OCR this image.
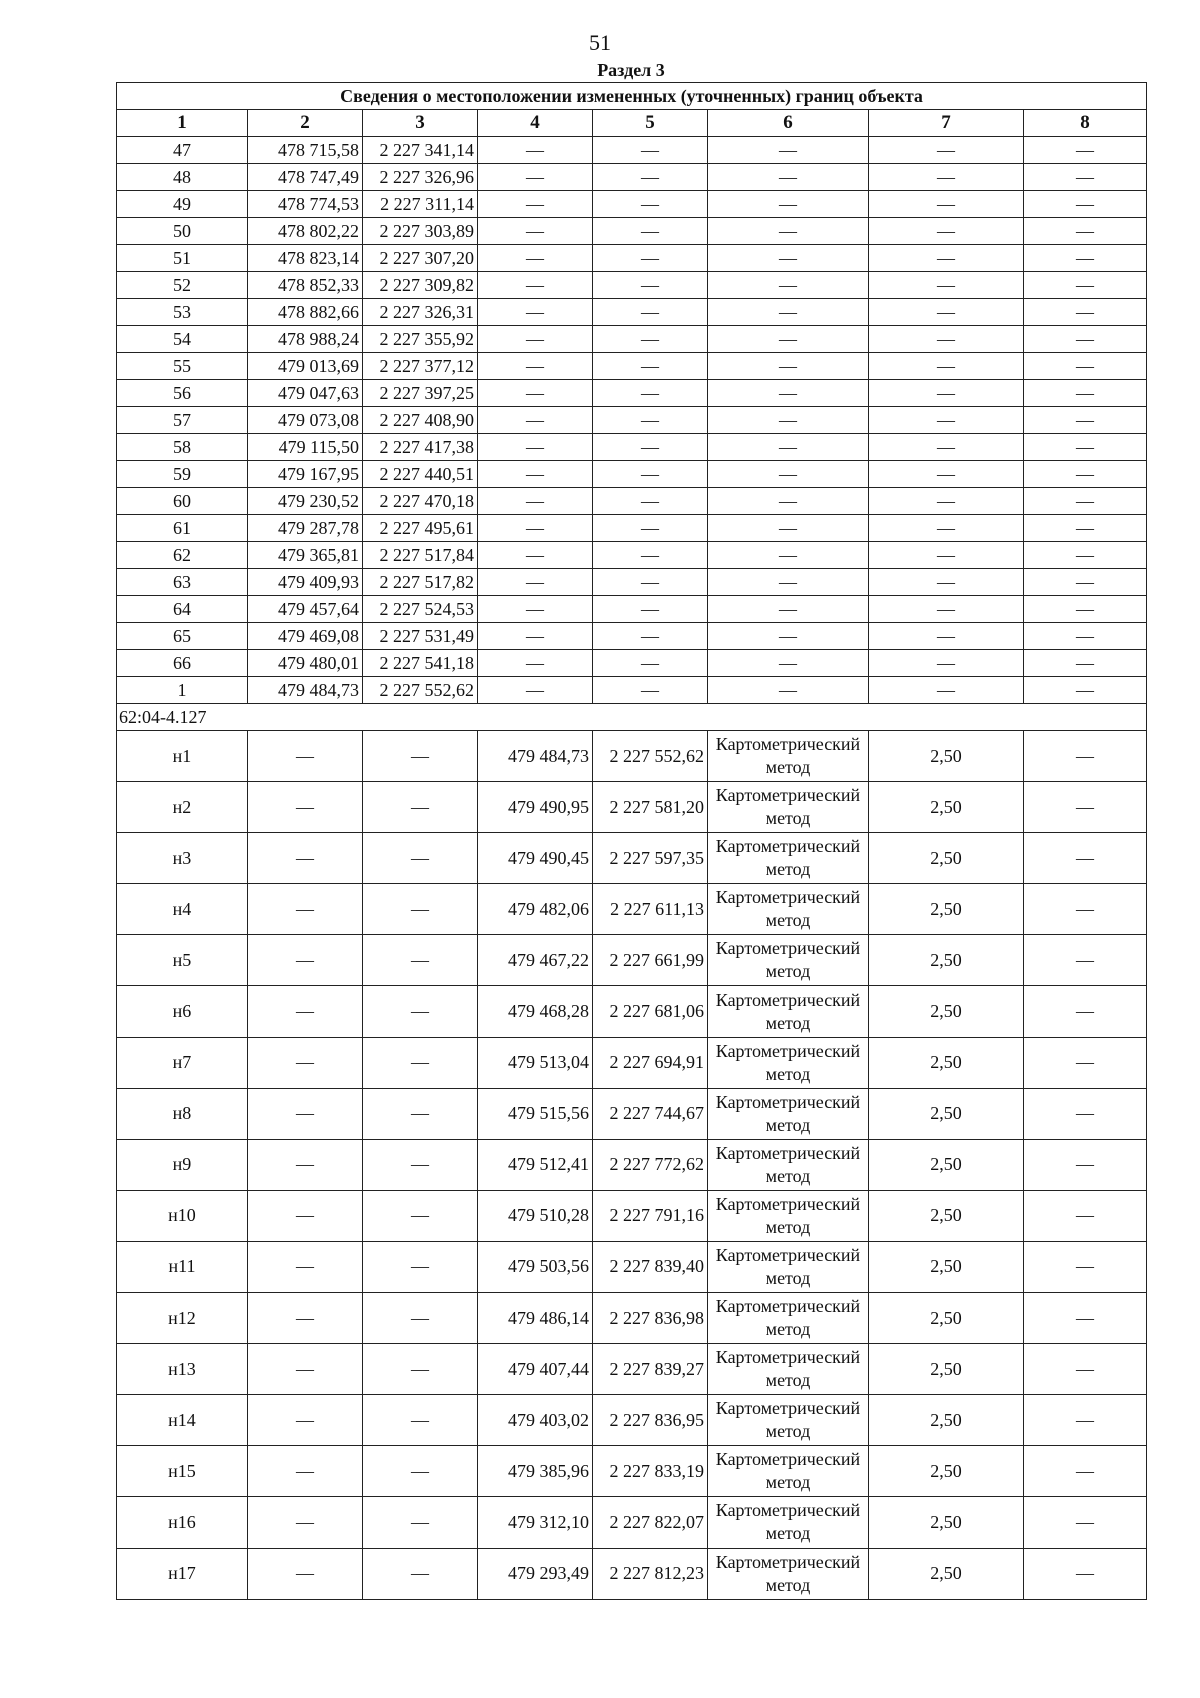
51
Раздел 3
Сведения о местоположении измененных (уточненных) границ объекта							
1	2	3	4	5	6	7	8
47	478 715,58	2 227 341,14	—	—	—	—	—
48	478 747,49	2 227 326,96	—	—	—	—	—
49	478 774,53	2 227 311,14	—	—	—	—	—
50	478 802,22	2 227 303,89	—	—	—	—	—
51	478 823,14	2 227 307,20	—	—	—	—	—
52	478 852,33	2 227 309,82	—	—	—	—	—
53	478 882,66	2 227 326,31	—	—	—	—	—
54	478 988,24	2 227 355,92	—	—	—	—	—
55	479 013,69	2 227 377,12	—	—	—	—	—
56	479 047,63	2 227 397,25	—	—	—	—	—
57	479 073,08	2 227 408,90	—	—	—	—	—
58	479 115,50	2 227 417,38	—	—	—	—	—
59	479 167,95	2 227 440,51	—	—	—	—	—
60	479 230,52	2 227 470,18	—	—	—	—	—
61	479 287,78	2 227 495,61	—	—	—	—	—
62	479 365,81	2 227 517,84	—	—	—	—	—
63	479 409,93	2 227 517,82	—	—	—	—	—
64	479 457,64	2 227 524,53	—	—	—	—	—
65	479 469,08	2 227 531,49	—	—	—	—	—
66	479 480,01	2 227 541,18	—	—	—	—	—
1	479 484,73	2 227 552,62	—	—	—	—	—
62:04-4.127							
н1	—	—	479 484,73	2 227 552,62	Картометрический метод	2,50	—
н2	—	—	479 490,95	2 227 581,20	Картометрический метод	2,50	—
н3	—	—	479 490,45	2 227 597,35	Картометрический метод	2,50	—
н4	—	—	479 482,06	2 227 611,13	Картометрический метод	2,50	—
н5	—	—	479 467,22	2 227 661,99	Картометрический метод	2,50	—
н6	—	—	479 468,28	2 227 681,06	Картометрический метод	2,50	—
н7	—	—	479 513,04	2 227 694,91	Картометрический метод	2,50	—
н8	—	—	479 515,56	2 227 744,67	Картометрический метод	2,50	—
н9	—	—	479 512,41	2 227 772,62	Картометрический метод	2,50	—
н10	—	—	479 510,28	2 227 791,16	Картометрический метод	2,50	—
н11	—	—	479 503,56	2 227 839,40	Картометрический метод	2,50	—
н12	—	—	479 486,14	2 227 836,98	Картометрический метод	2,50	—
н13	—	—	479 407,44	2 227 839,27	Картометрический метод	2,50	—
н14	—	—	479 403,02	2 227 836,95	Картометрический метод	2,50	—
н15	—	—	479 385,96	2 227 833,19	Картометрический метод	2,50	—
н16	—	—	479 312,10	2 227 822,07	Картометрический метод	2,50	—
н17	—	—	479 293,49	2 227 812,23	Картометрический метод	2,50	—
